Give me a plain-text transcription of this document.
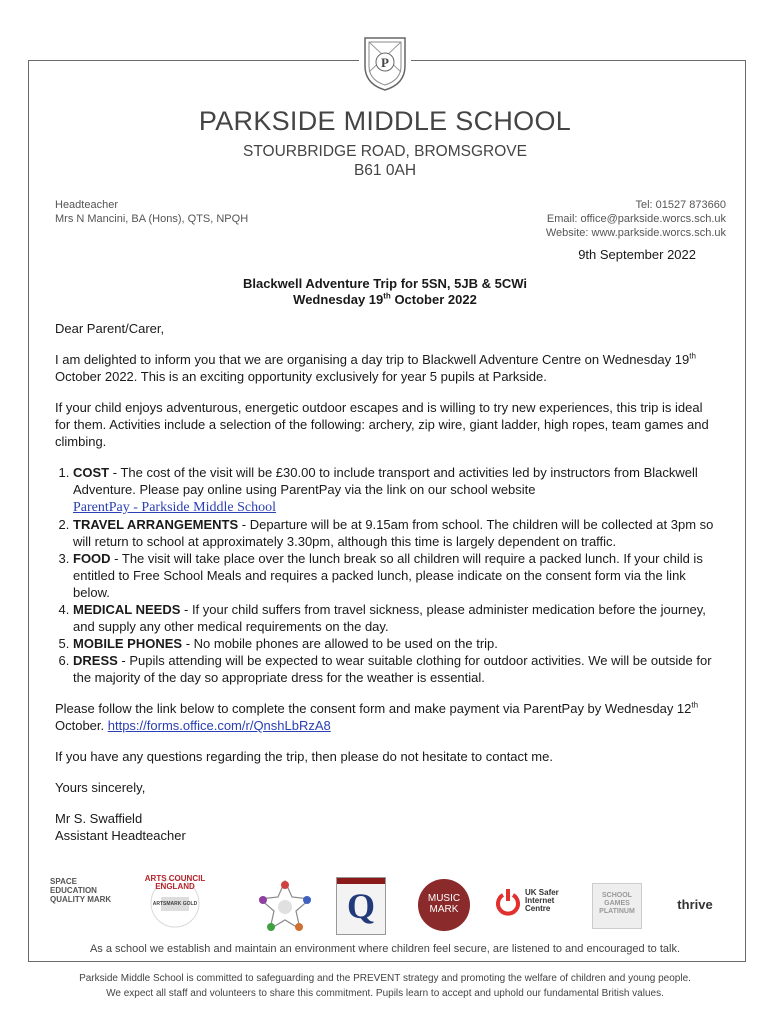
P
PARKSIDE MIDDLE SCHOOL
STOURBRIDGE ROAD, BROMSGROVE
B61 0AH
Headteacher
Mrs N Mancini, BA (Hons), QTS, NPQH
Tel: 01527 873660
Email: office@parkside.worcs.sch.uk
Website: www.parkside.worcs.sch.uk
9th September 2022
Blackwell Adventure Trip for 5SN, 5JB & 5CWi
Wednesday 19th October 2022

Dear Parent/Carer,

I am delighted to inform you that we are organising a day trip to Blackwell Adventure Centre on Wednesday 19th October 2022. This is an exciting opportunity exclusively for year 5 pupils at Parkside.

If your child enjoys adventurous, energetic outdoor escapes and is willing to try new experiences, this trip is ideal for them. Activities include a selection of the following: archery, zip wire, giant ladder, high ropes, team games and climbing.

1. COST - The cost of the visit will be £30.00 to include transport and activities led by instructors from Blackwell Adventure. Please pay online using ParentPay via the link on our school website
ParentPay - Parkside Middle School
2. TRAVEL ARRANGEMENTS - Departure will be at 9.15am from school. The children will be collected at 3pm so will return to school at approximately 3.30pm, although this time is largely dependent on traffic.
3. FOOD - The visit will take place over the lunch break so all children will require a packed lunch. If your child is entitled to Free School Meals and requires a packed lunch, please indicate on the consent form via the link below.
4. MEDICAL NEEDS - If your child suffers from travel sickness, please administer medication before the journey, and supply any other medical requirements on the day.
5. MOBILE PHONES - No mobile phones are allowed to be used on the trip.
6. DRESS - Pupils attending will be expected to wear suitable clothing for outdoor activities. We will be outside for the majority of the day so appropriate dress for the weather is essential.

Please follow the link below to complete the consent form and make payment via ParentPay by Wednesday 12th October. https://forms.office.com/r/QnshLbRzA8

If you have any questions regarding the trip, then please do not hesitate to contact me.

Yours sincerely,

Mr S. Swaffield

Assistant Headteacher

SPACE EDUCATION QUALITY MARK
ARTS COUNCIL ENGLAND
ARTSMARK GOLD	Q	MUSIC MARK
UK Safer Internet Centre
SCHOOL GAMES PLATINUM	thrive
As a school we establish and maintain an environment where children feel secure, are listened to and encouraged to talk.
Parkside Middle School is committed to safeguarding and the PREVENT strategy and promoting the welfare of children and young people.
We expect all staff and volunteers to share this commitment. Pupils learn to accept and uphold our fundamental British values.
